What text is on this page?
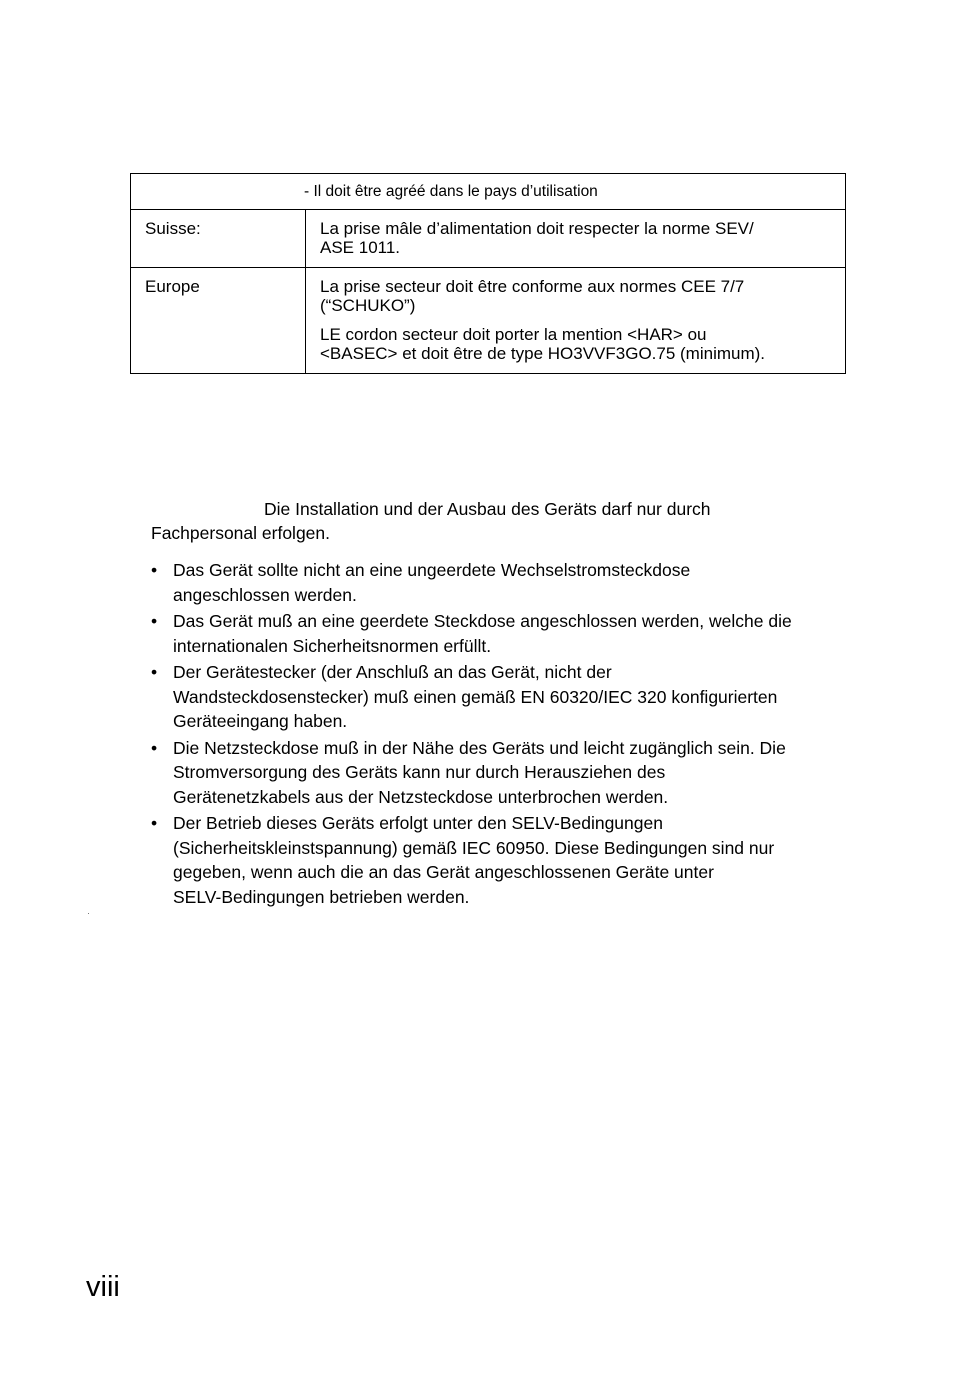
- Il doit être agréé dans le pays d’utilisation	

Suisse:	La prise mâle d’alimentation doit respecter la norme SEV/
ASE 1011.

Europe	La prise secteur doit être conforme aux normes CEE 7/7
(“SCHUKO”)

LE cordon secteur doit porter la mention <HAR> ou
<BASEC> et doit être de type HO3VVF3GO.75 (minimum).

Die Installation und der Ausbau des Geräts darf nur durch
Fachpersonal erfolgen.

• Das Gerät sollte nicht an eine ungeerdete Wechselstromsteckdose
angeschlossen werden.
• Das Gerät muß an eine geerdete Steckdose angeschlossen werden, welche die
internationalen Sicherheitsnormen erfüllt.
• Der Gerätestecker (der Anschluß an das Gerät, nicht der
Wandsteckdosenstecker) muß einen gemäß EN 60320/IEC 320 konfigurierten
Geräteeingang haben.
• Die Netzsteckdose muß in der Nähe des Geräts und leicht zugänglich sein. Die
Stromversorgung des Geräts kann nur durch Herausziehen des
Gerätenetzkabels aus der Netzsteckdose unterbrochen werden.
• Der Betrieb dieses Geräts erfolgt unter den SELV-Bedingungen
(Sicherheitskleinstspannung) gemäß IEC 60950. Diese Bedingungen sind nur
gegeben, wenn auch die an das Gerät angeschlossenen Geräte unter
SELV-Bedingungen betrieben werden.
viii
